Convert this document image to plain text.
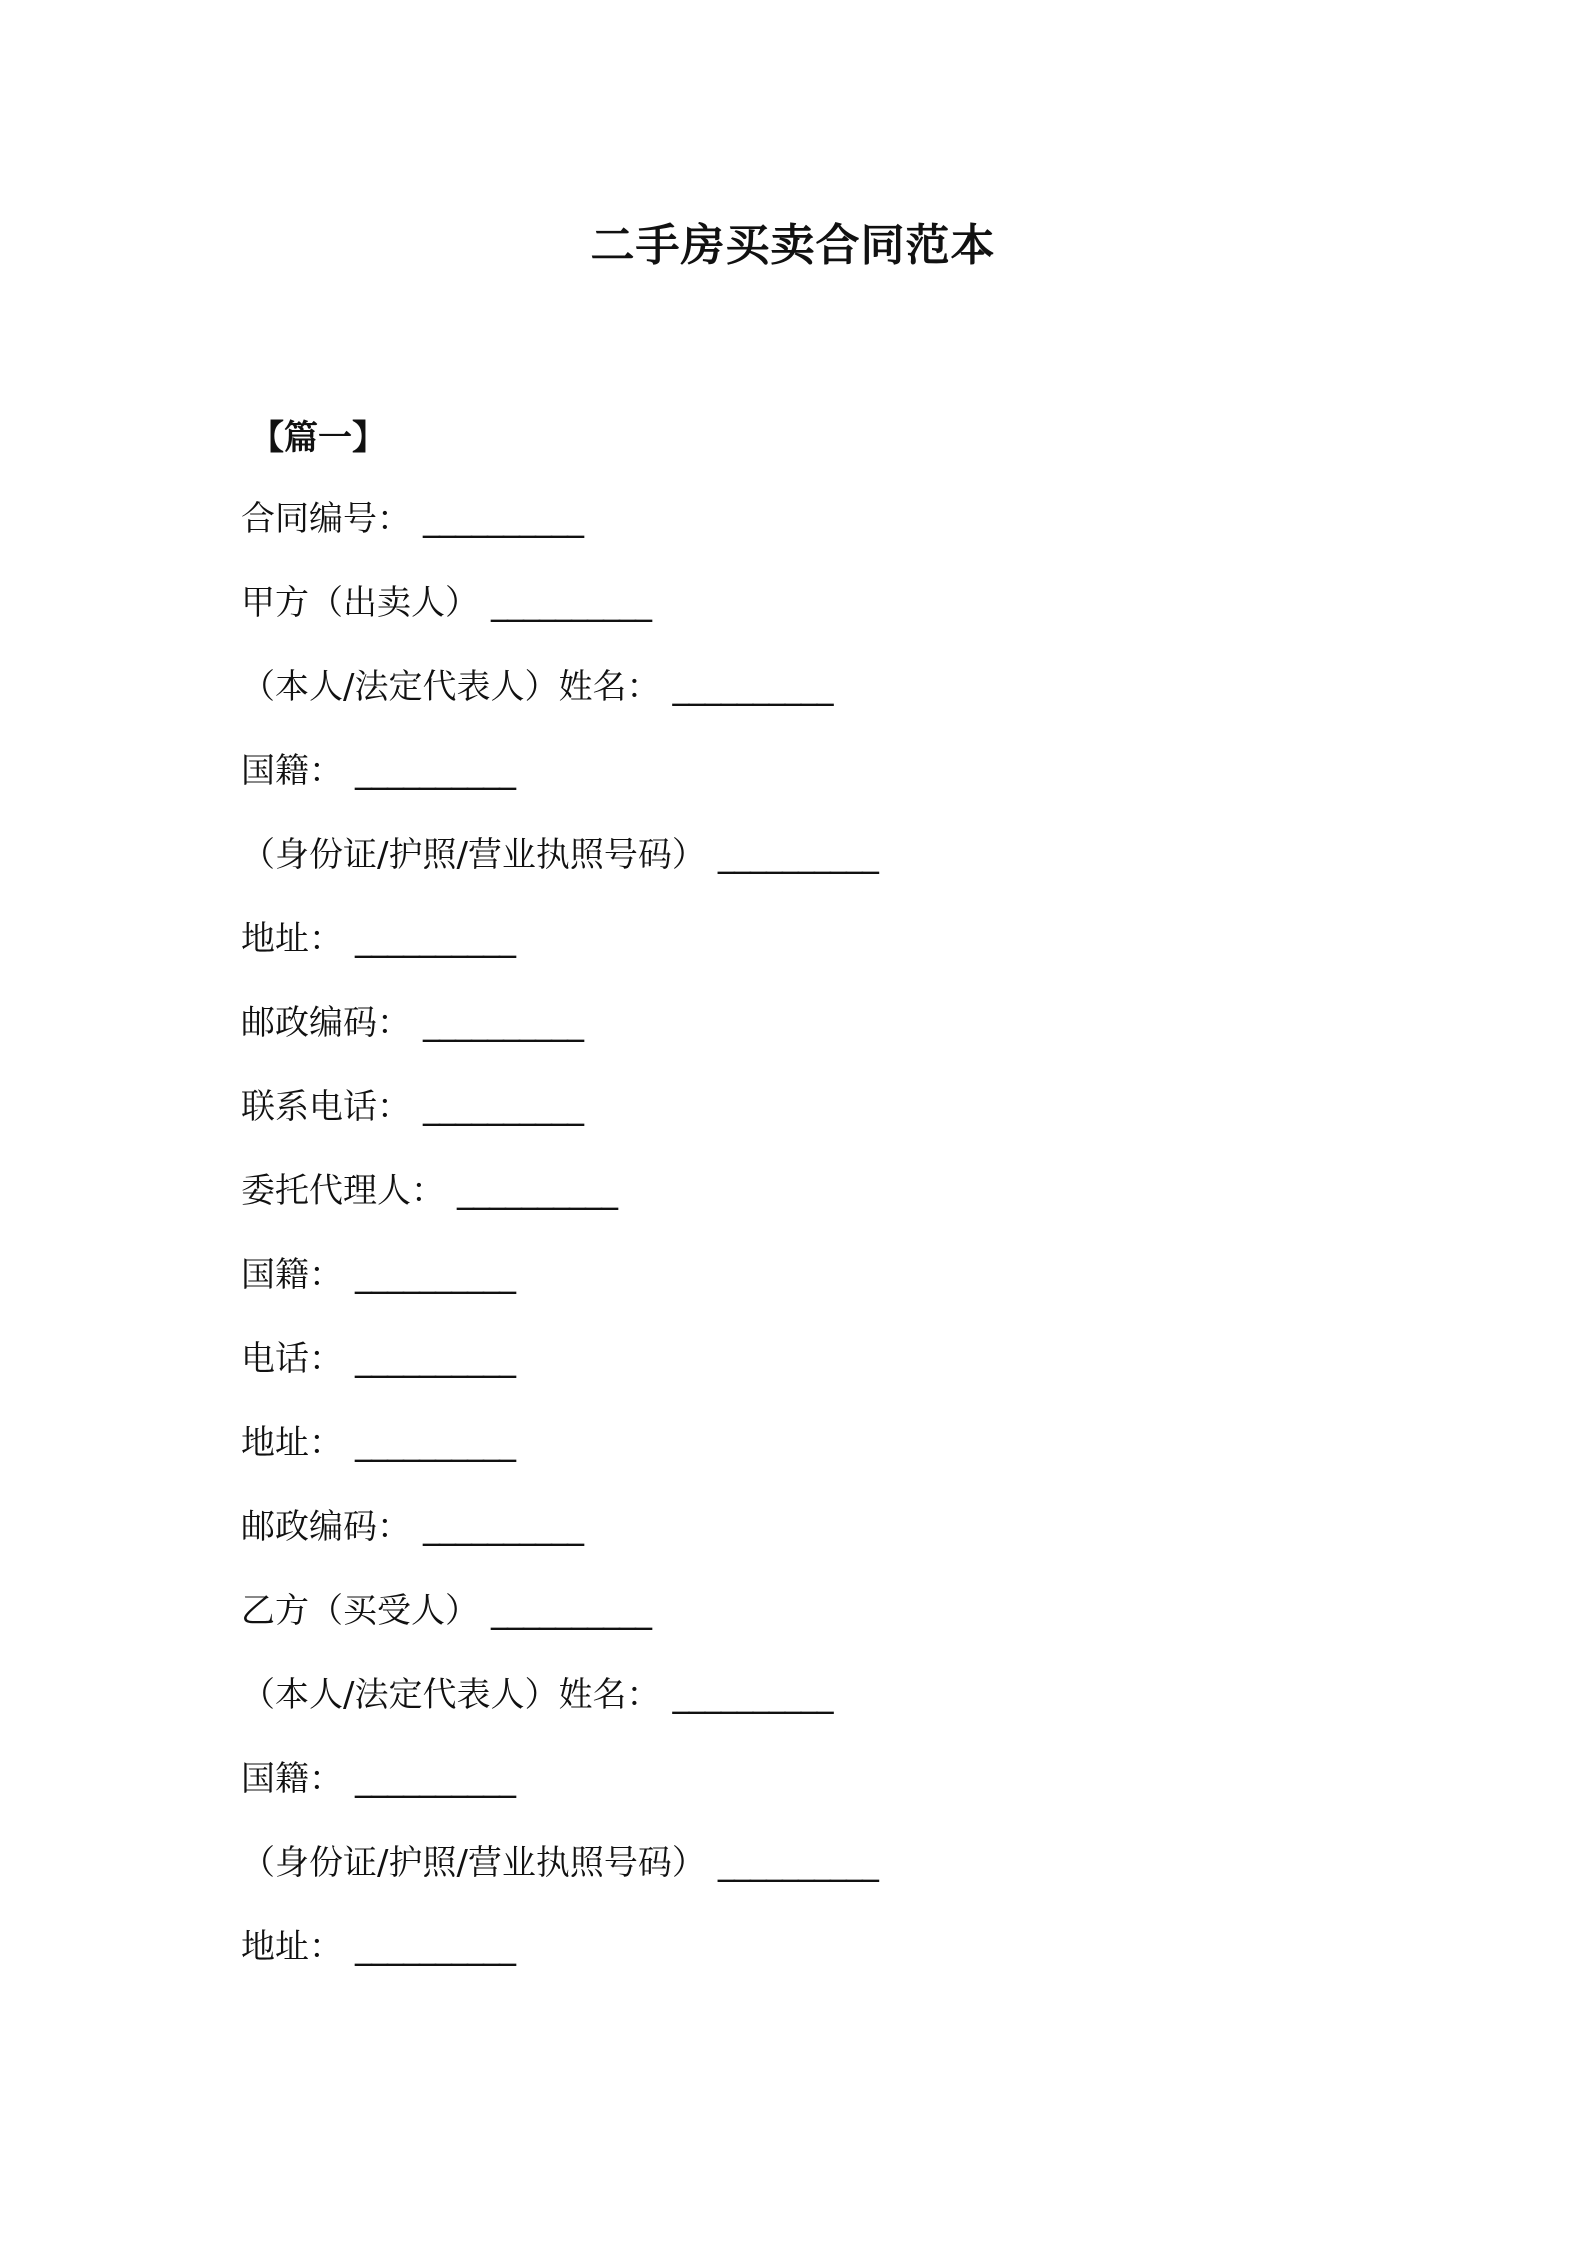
二手房买卖合同范本
【篇一】
合同编号： __________
甲方（出卖人） __________
（本人/法定代表人）姓名： __________
国籍： __________
（身份证/护照/营业执照号码） __________
地址： __________
邮政编码： __________
联系电话： __________
委托代理人： __________
国籍： __________
电话： __________
地址： __________
邮政编码： __________
乙方（买受人） __________
（本人/法定代表人）姓名： __________
国籍： __________
（身份证/护照/营业执照号码） __________
地址： __________
